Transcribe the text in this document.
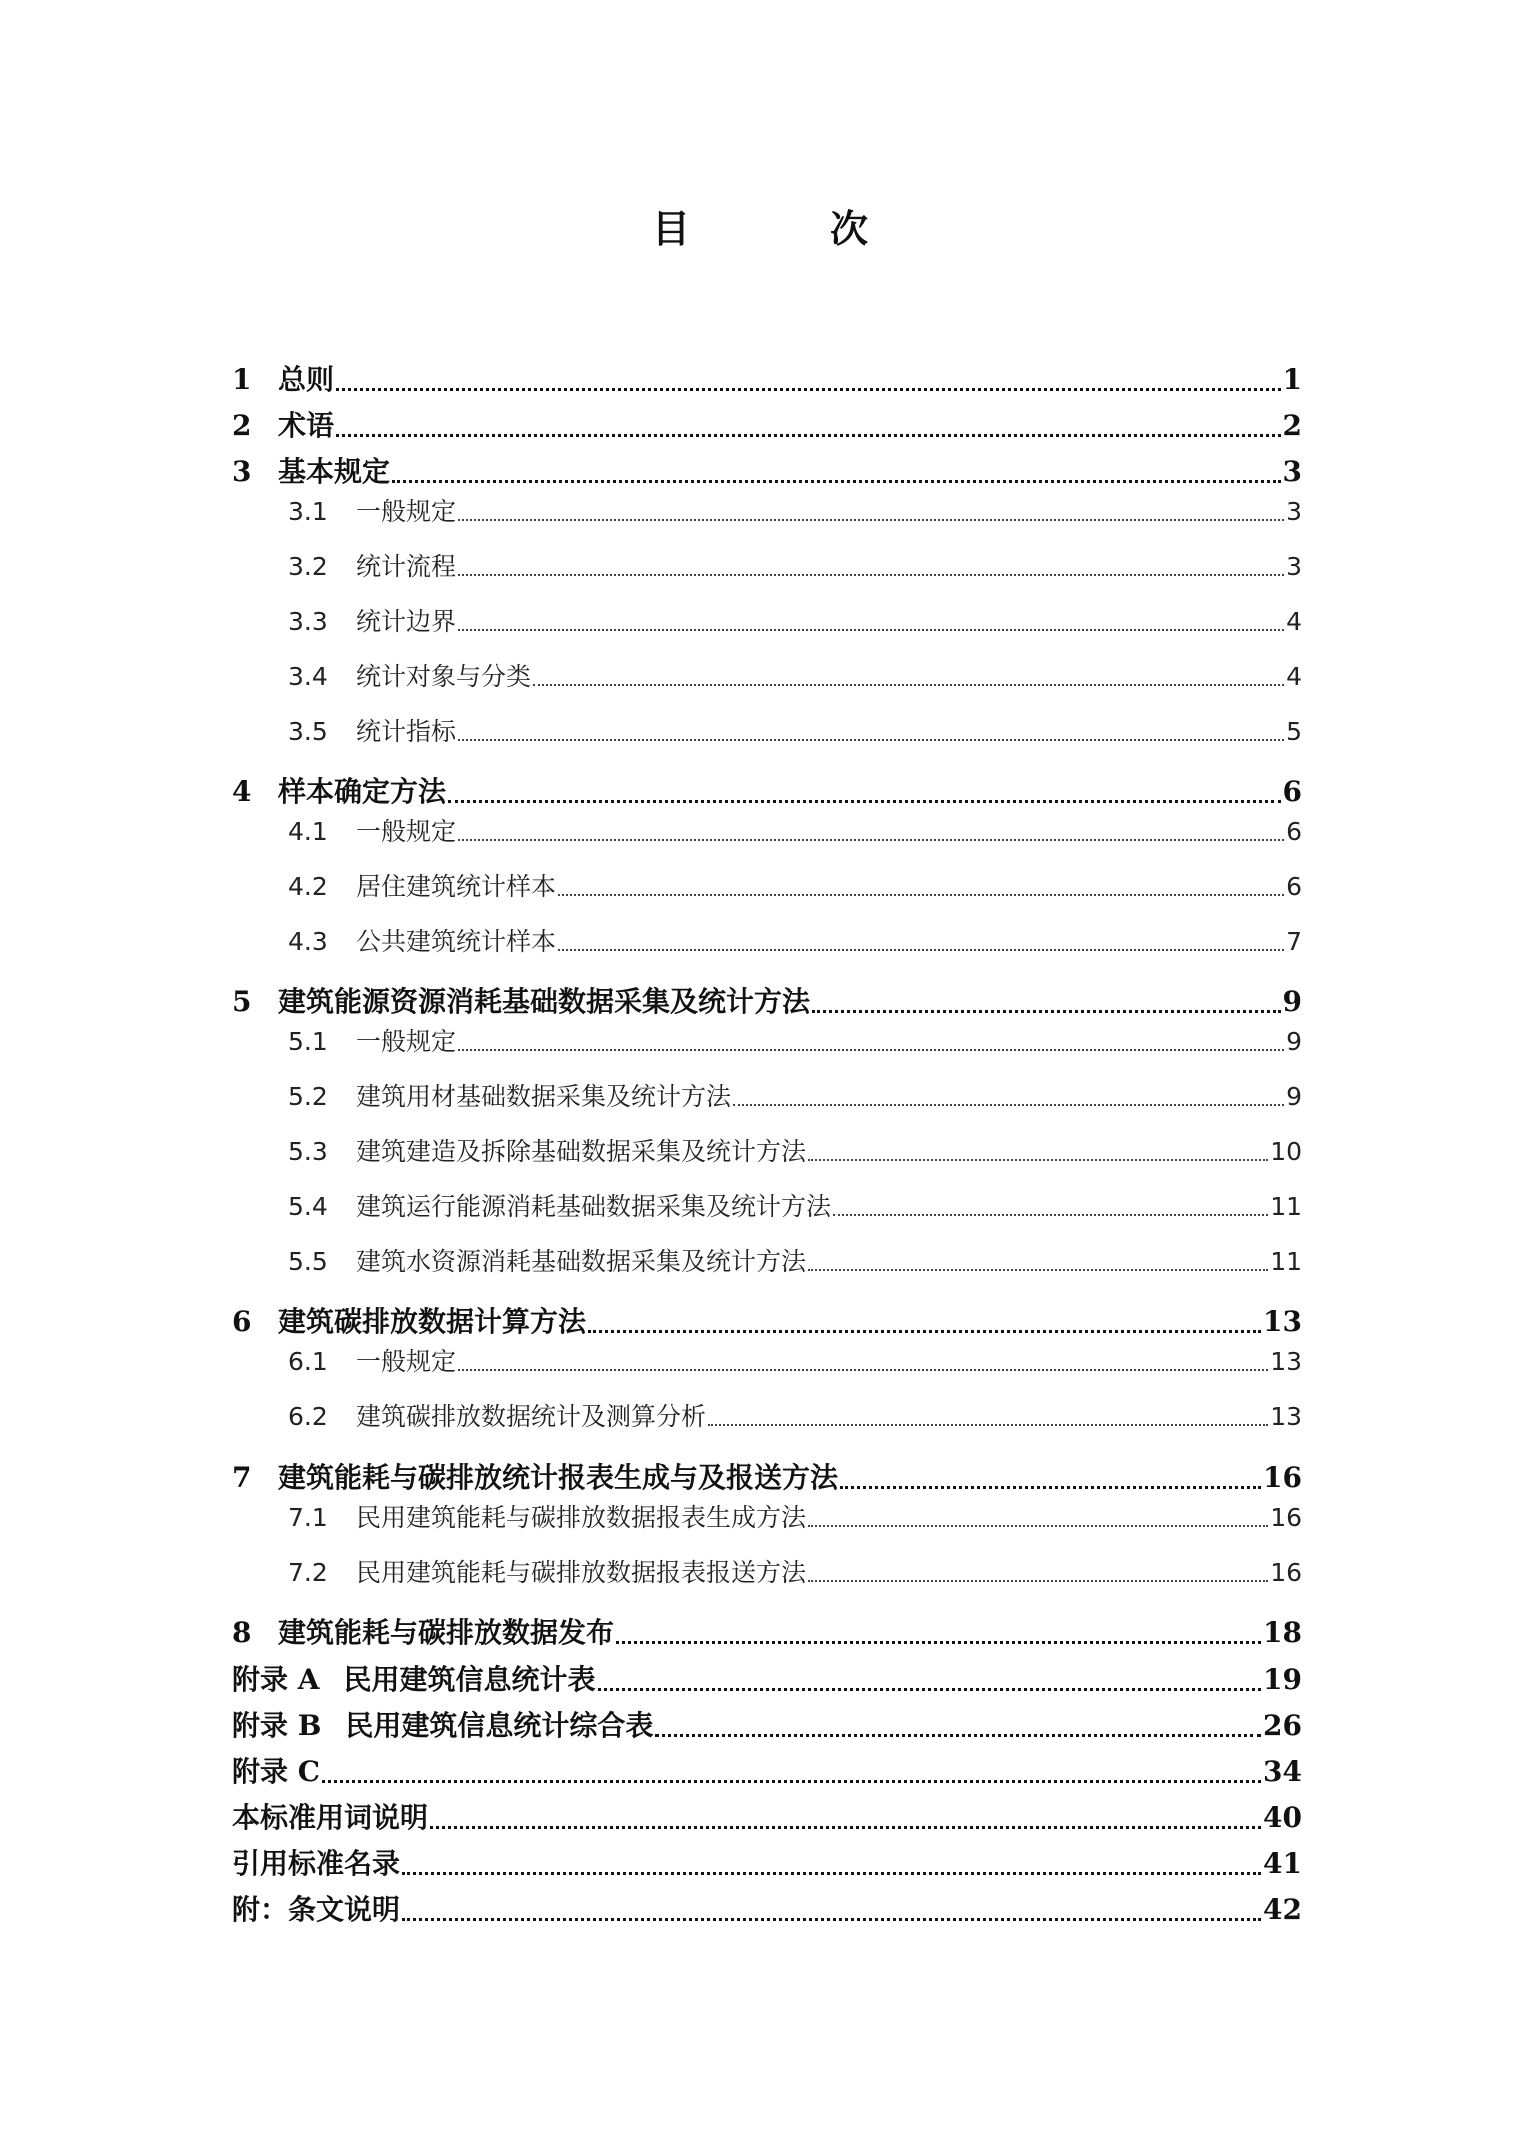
目	次
1 总则	1
2 术语	2
3 基本规定	3
3.1	一般规定	3
3.2	统计流程	3
3.3	统计边界	4
3.4	统计对象与分类	4
3.5	统计指标	5
4 样本确定方法	6
4.1	一般规定	6
4.2	居住建筑统计样本	6
4.3	公共建筑统计样本	7
5 建筑能源资源消耗基础数据采集及统计方法	9
5.1	一般规定	9
5.2	建筑用材基础数据采集及统计方法	9
5.3	建筑建造及拆除基础数据采集及统计方法	10
5.4	建筑运行能源消耗基础数据采集及统计方法	11
5.5	建筑水资源消耗基础数据采集及统计方法	11
6 建筑碳排放数据计算方法	13
6.1	一般规定	13
6.2	建筑碳排放数据统计及测算分析	13
7 建筑能耗与碳排放统计报表生成与及报送方法	16
7.1	民用建筑能耗与碳排放数据报表生成方法	16
7.2	民用建筑能耗与碳排放数据报表报送方法	16
8 建筑能耗与碳排放数据发布	18
附录 A 民用建筑信息统计表	19
附录 B 民用建筑信息统计综合表	26
附录 C	34
本标准用词说明	40
引用标准名录	41
附：条文说明	42
